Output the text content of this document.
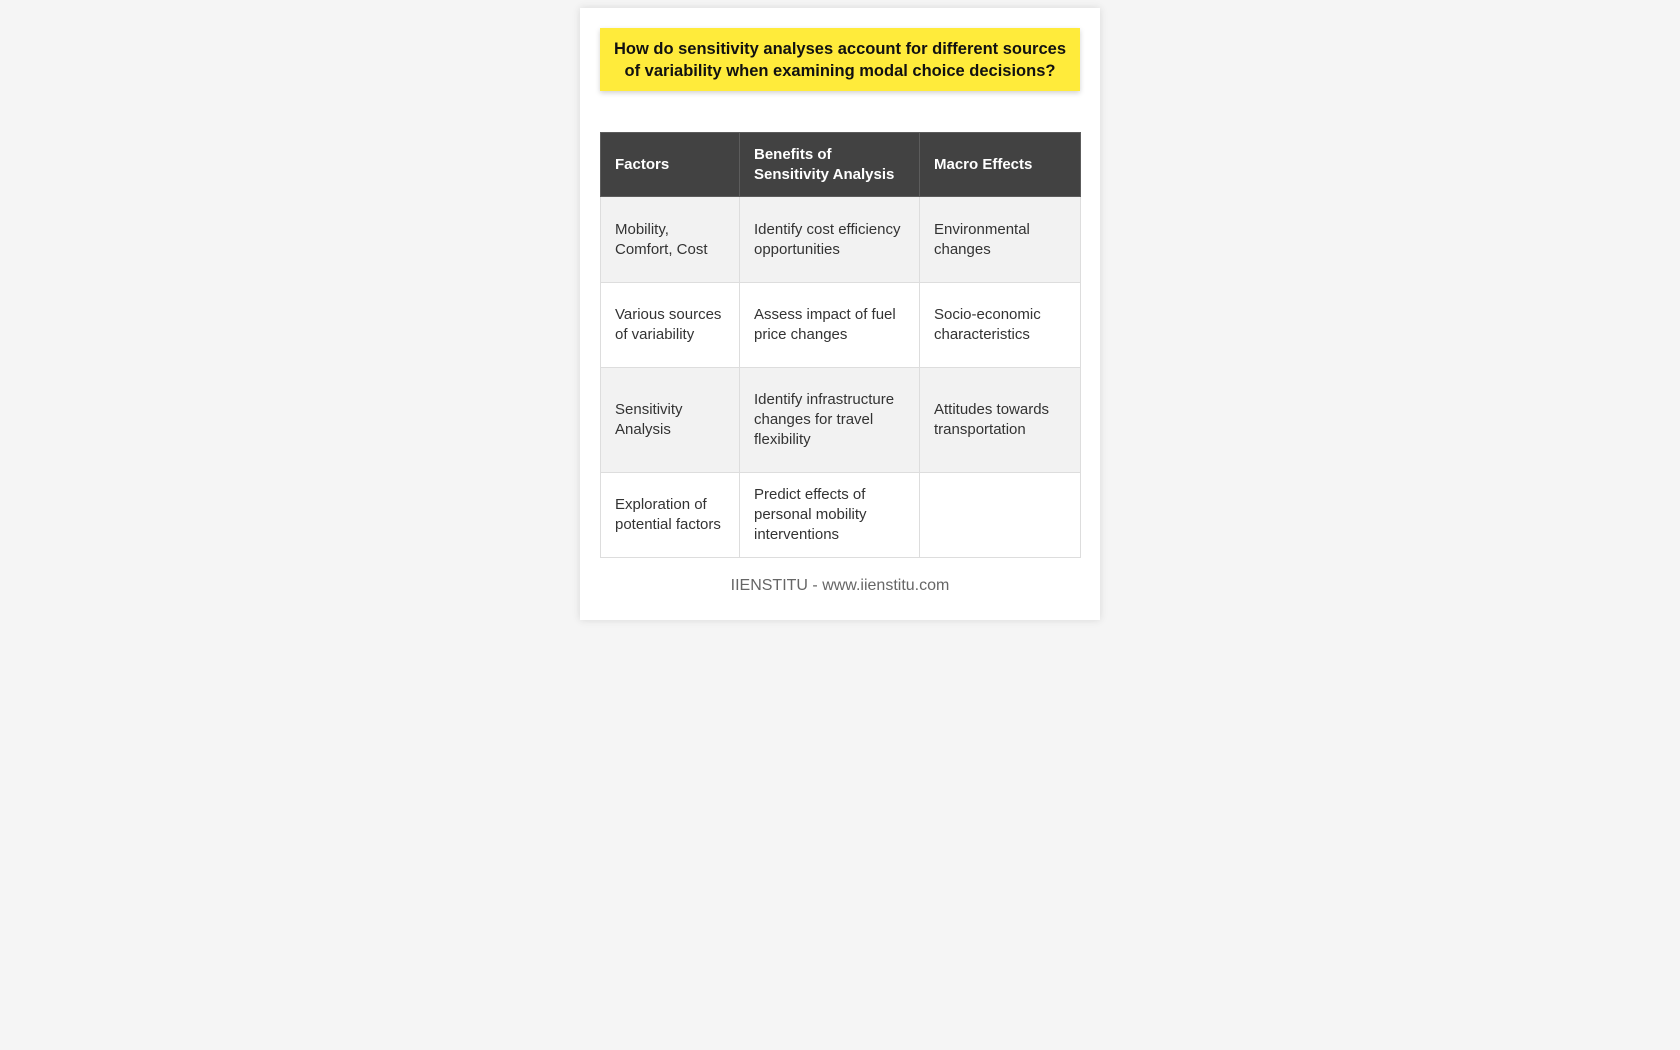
How do sensitivity analyses account for different sources of variability when examining modal choice decisions?
Factors	Benefits of Sensitivity Analysis	Macro Effects
Mobility, Comfort, Cost	Identify cost efficiency opportunities	Environmental changes
Various sources of variability	Assess impact of fuel price changes	Socio-economic characteristics
Sensitivity Analysis	Identify infrastructure changes for travel flexibility	Attitudes towards transportation
Exploration of potential factors	Predict effects of personal mobility interventions	
IIENSTITU - www.iienstitu.com
